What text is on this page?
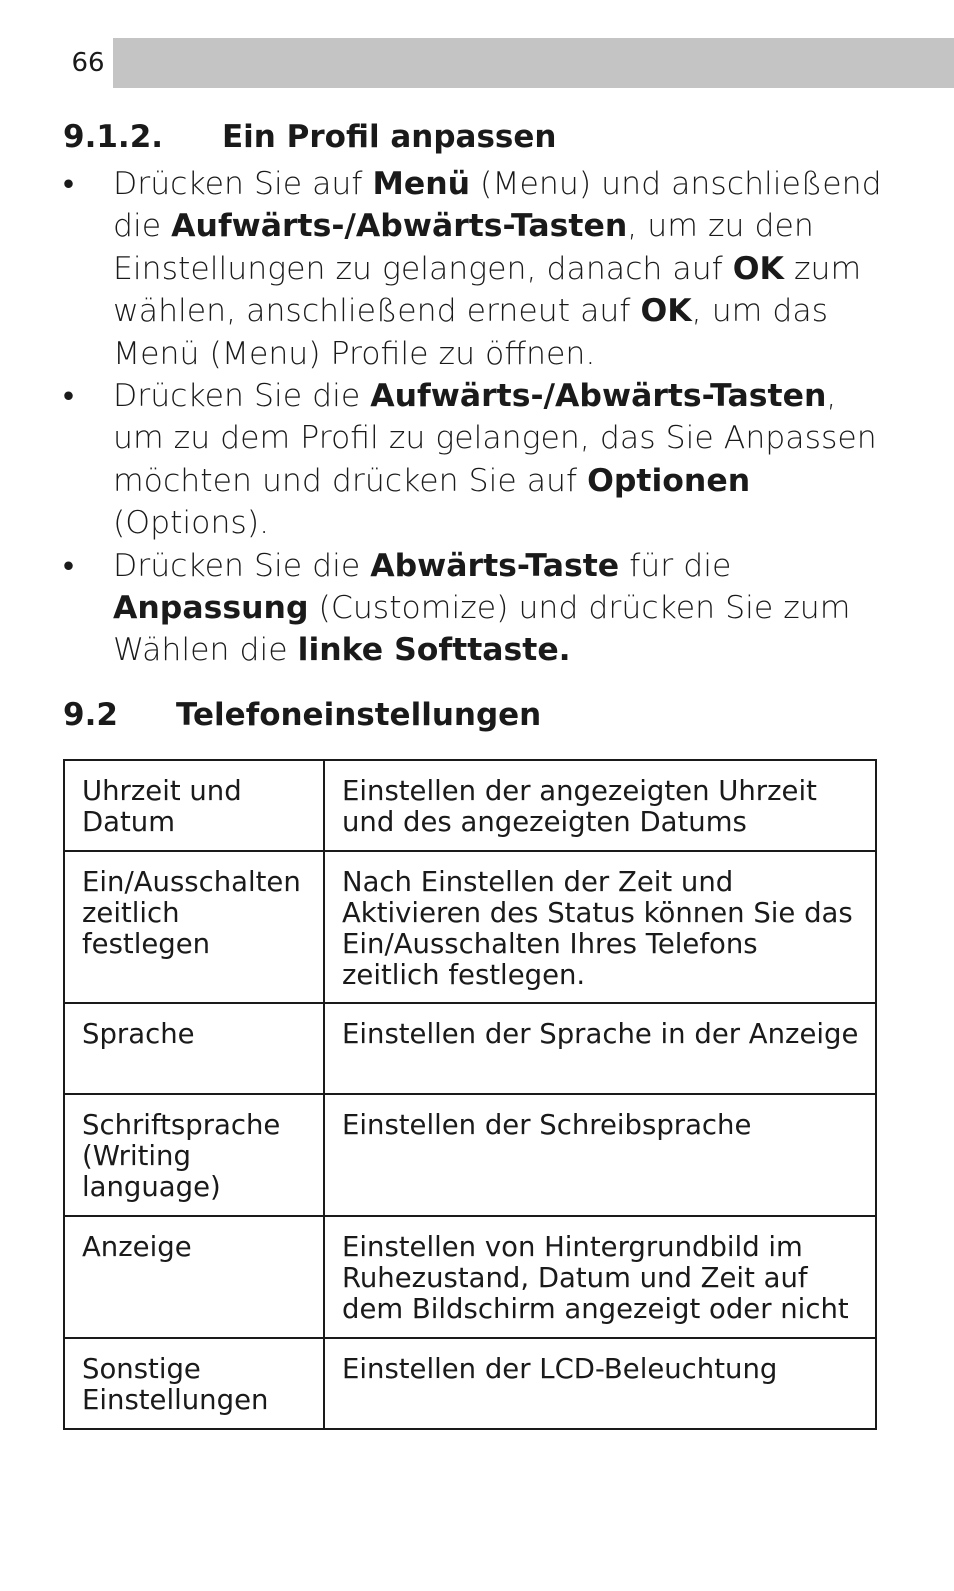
66
9.1.2. Ein Profil anpassen
• Drücken Sie auf Menü (Menu) und anschließend die Aufwärts-/Abwärts-Tasten, um zu den Einstellungen zu gelangen, danach auf OK zum wählen, anschließend erneut auf OK, um das Menü (Menu) Profile zu öffnen.
• Drücken Sie die Aufwärts-/Abwärts-Tasten, um zu dem Profil zu gelangen, das Sie Anpassen möchten und drücken Sie auf Optionen (Options).
• Drücken Sie die Abwärts-Taste für die Anpassung (Customize) und drücken Sie zum Wählen die linke Softtaste.
9.2 Telefoneinstellungen
Uhrzeit und Datum	Einstellen der angezeigten Uhrzeit und des angezeigten Datums

Ein/Ausschalten zeitlich festlegen	Nach Einstellen der Zeit und Aktivieren des Status können Sie das Ein/Ausschalten Ihres Telefons zeitlich festlegen.

Sprache	Einstellen der Sprache in der Anzeige

Schriftsprache (Writing language)	Einstellen der Schreibsprache

Anzeige	Einstellen von Hintergrundbild im Ruhezustand, Datum und Zeit auf dem Bildschirm angezeigt oder nicht

Sonstige Einstellungen	Einstellen der LCD-Beleuchtung
